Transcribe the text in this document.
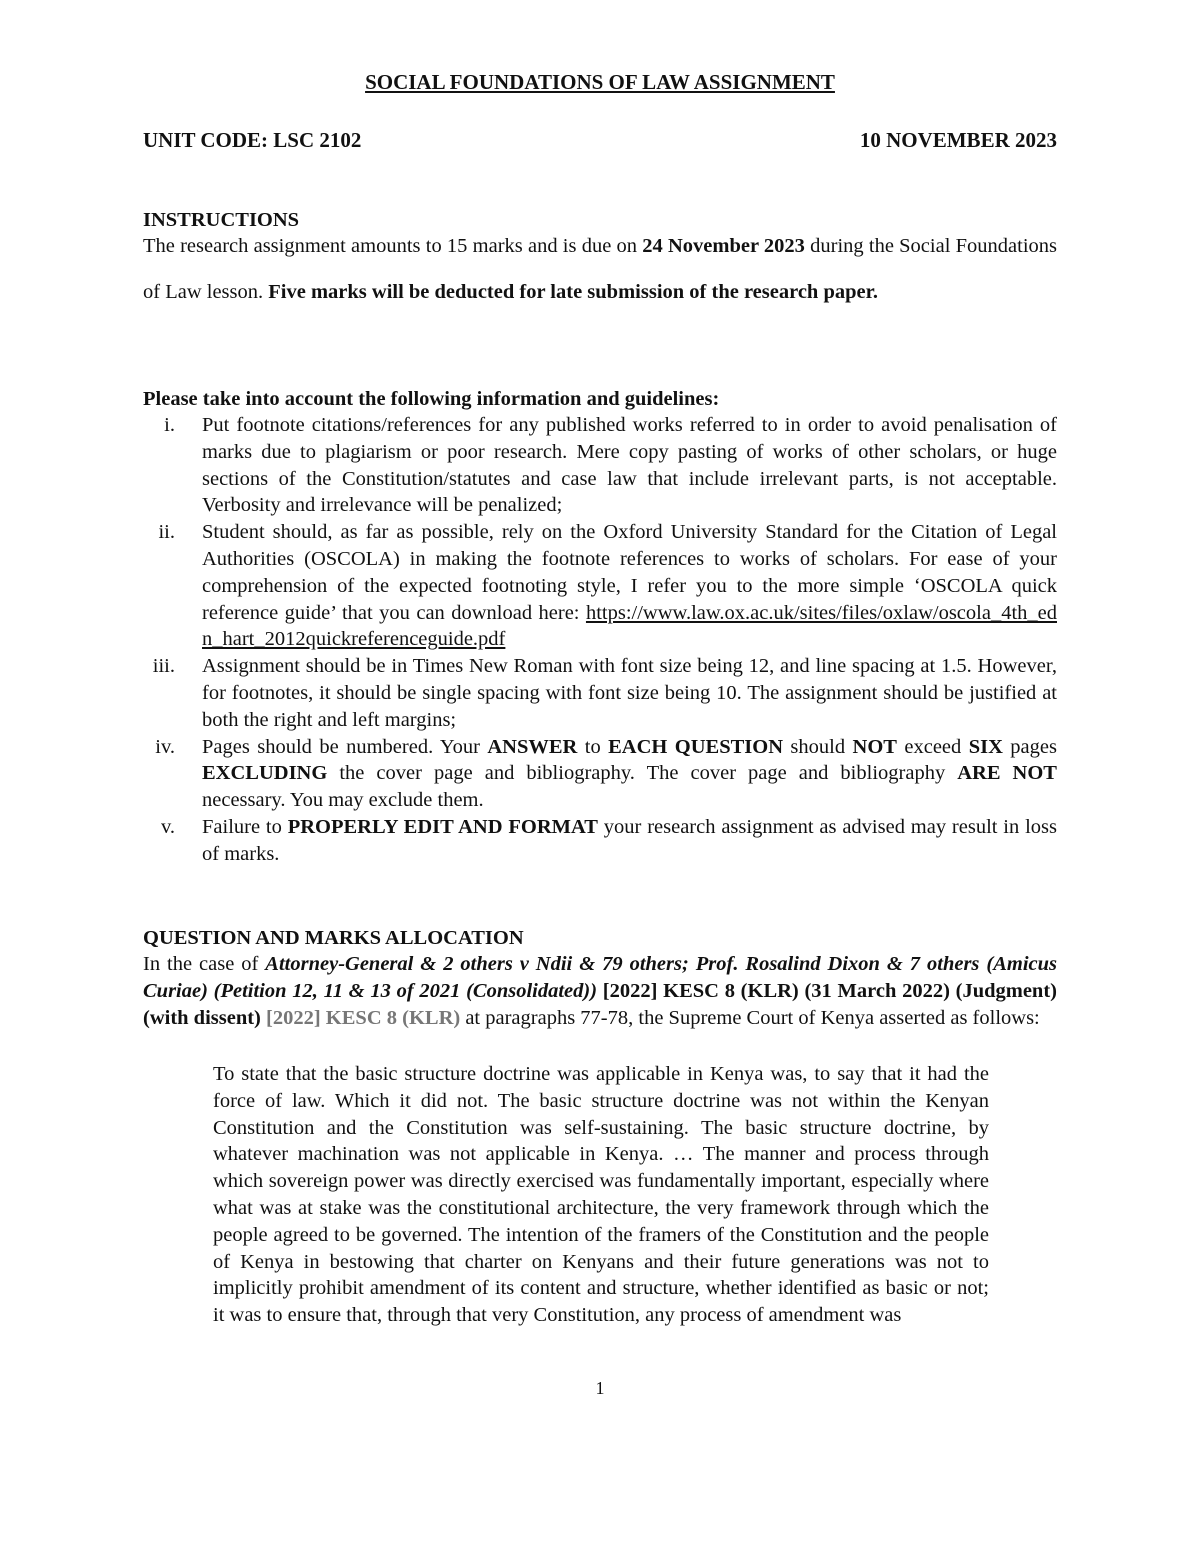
SOCIAL FOUNDATIONS OF LAW ASSIGNMENT
UNIT CODE: LSC 2102	10 NOVEMBER 2023
INSTRUCTIONS
The research assignment amounts to 15 marks and is due on 24 November 2023 during the Social Foundations of Law lesson. Five marks will be deducted for late submission of the research paper.
Please take into account the following information and guidelines:
i. Put footnote citations/references for any published works referred to in order to avoid penalisation of marks due to plagiarism or poor research. Mere copy pasting of works of other scholars, or huge sections of the Constitution/statutes and case law that include irrelevant parts, is not acceptable. Verbosity and irrelevance will be penalized;
ii. Student should, as far as possible, rely on the Oxford University Standard for the Citation of Legal Authorities (OSCOLA) in making the footnote references to works of scholars. For ease of your comprehension of the expected footnoting style, I refer you to the more simple ‘OSCOLA quick reference guide’ that you can download here: https://www.law.ox.ac.uk/sites/files/oxlaw/oscola_4th_edn_hart_2012quickreferenceguide.pdf
iii. Assignment should be in Times New Roman with font size being 12, and line spacing at 1.5. However, for footnotes, it should be single spacing with font size being 10. The assignment should be justified at both the right and left margins;
iv. Pages should be numbered. Your ANSWER to EACH QUESTION should NOT exceed SIX pages EXCLUDING the cover page and bibliography. The cover page and bibliography ARE NOT necessary. You may exclude them.
v. Failure to PROPERLY EDIT AND FORMAT your research assignment as advised may result in loss of marks.
QUESTION AND MARKS ALLOCATION
In the case of Attorney-General & 2 others v Ndii & 79 others; Prof. Rosalind Dixon & 7 others (Amicus Curiae) (Petition 12, 11 & 13 of 2021 (Consolidated)) [2022] KESC 8 (KLR) (31 March 2022) (Judgment) (with dissent) [2022] KESC 8 (KLR) at paragraphs 77-78, the Supreme Court of Kenya asserted as follows:
To state that the basic structure doctrine was applicable in Kenya was, to say that it had the force of law. Which it did not. The basic structure doctrine was not within the Kenyan Constitution and the Constitution was self-sustaining. The basic structure doctrine, by whatever machination was not applicable in Kenya. … The manner and process through which sovereign power was directly exercised was fundamentally important, especially where what was at stake was the constitutional architecture, the very framework through which the people agreed to be governed. The intention of the framers of the Constitution and the people of Kenya in bestowing that charter on Kenyans and their future generations was not to implicitly prohibit amendment of its content and structure, whether identified as basic or not; it was to ensure that, through that very Constitution, any process of amendment was
1
